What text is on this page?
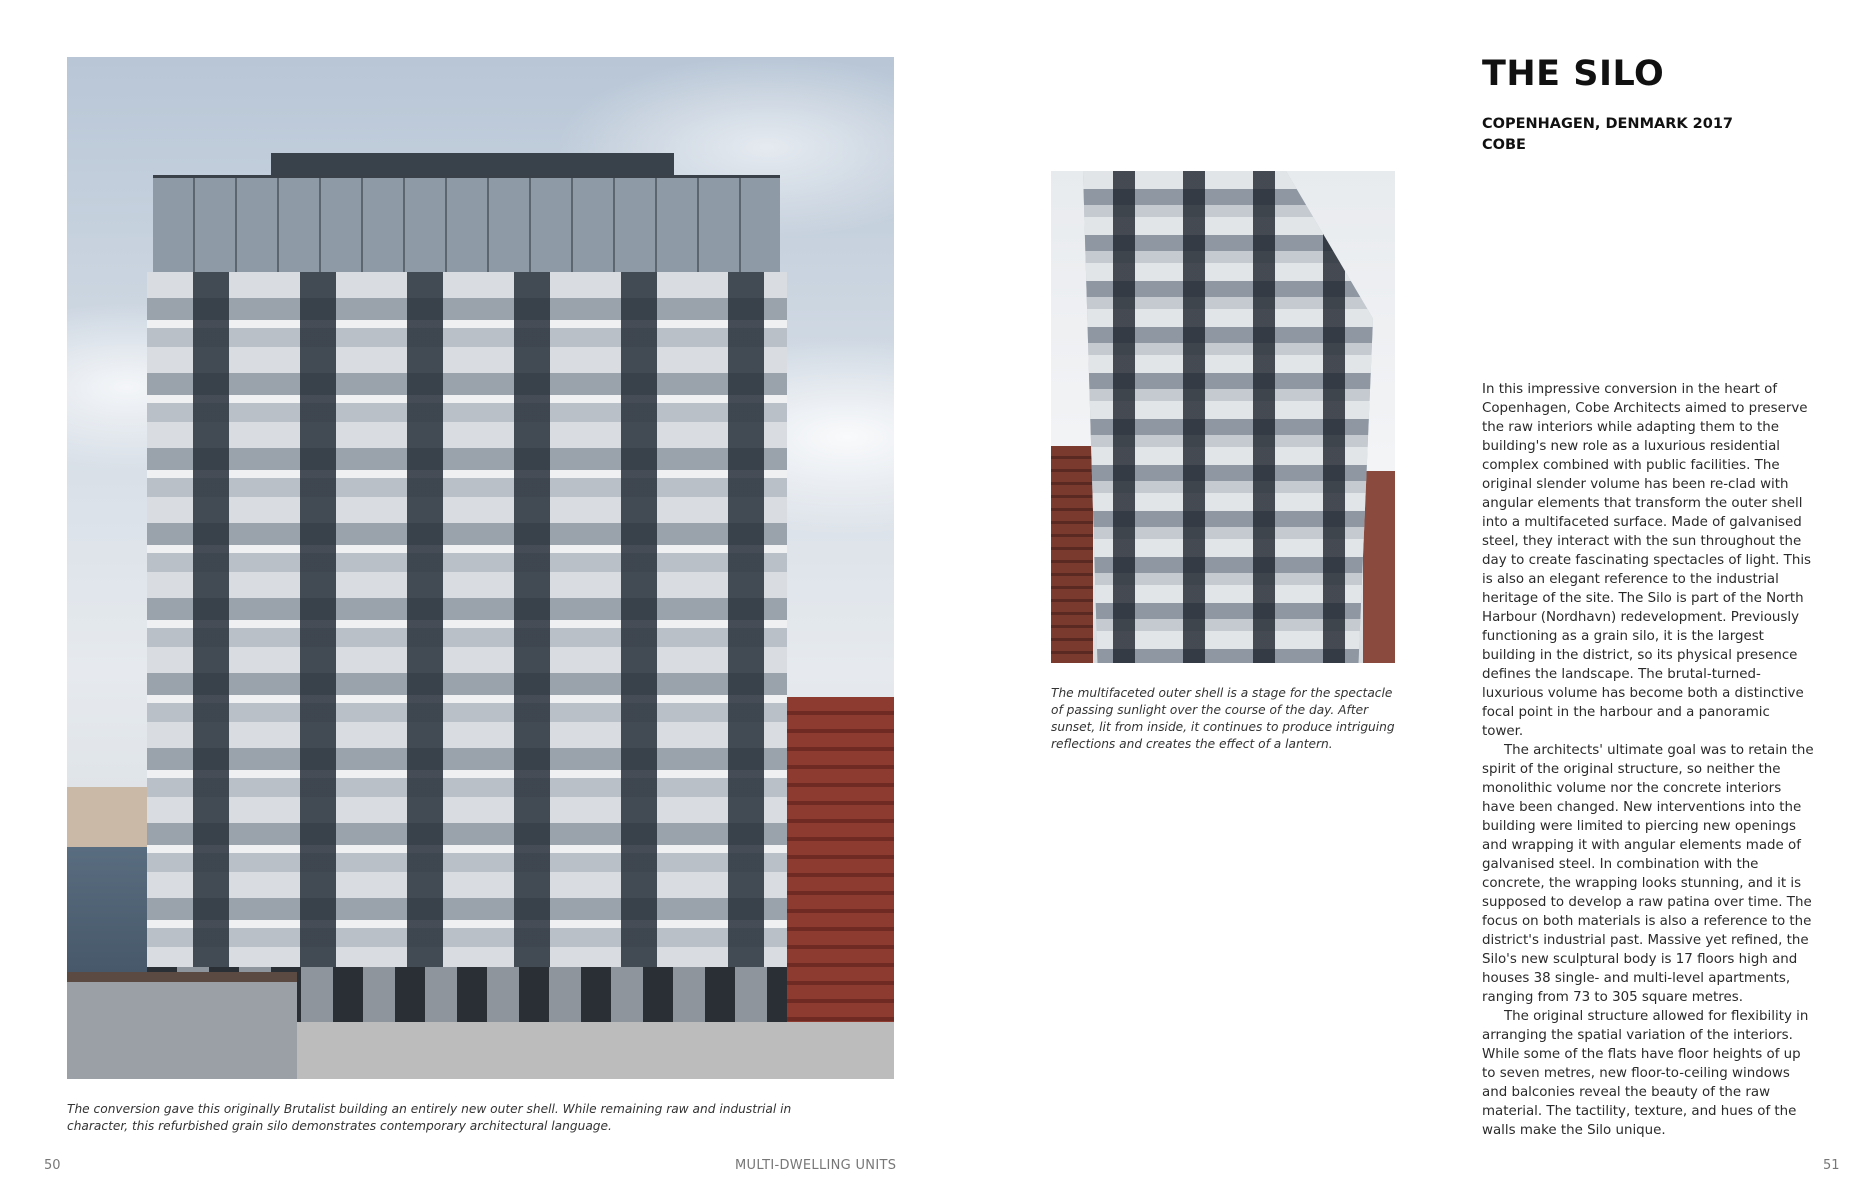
The conversion gave this originally Brutalist building an entirely new outer shell. While remaining raw and industrial in character, this refurbished grain silo demonstrates contemporary architectural language.
The multifaceted outer shell is a stage for the spectacle of passing sunlight over the course of the day. After sunset, lit from inside, it continues to produce intriguing reflections and creates the effect of a lantern.
THE SILO
COPENHAGEN, DENMARK 2017
COBE

In this impressive conversion in the heart of Copenhagen, Cobe Architects aimed to preserve the raw interiors while adapting them to the building's new role as a luxurious residential complex combined with public facilities. The original slender volume has been re-clad with angular elements that transform the outer shell into a multifaceted surface. Made of galvanised steel, they interact with the sun throughout the day to create fascinating spectacles of light. This is also an elegant reference to the industrial heritage of the site. The Silo is part of the North Harbour (Nordhavn) redevelopment. Previously functioning as a grain silo, it is the largest building in the district, so its physical presence defines the landscape. The brutal-turned-luxurious volume has become both a distinctive focal point in the harbour and a panoramic tower.

The architects' ultimate goal was to retain the spirit of the original structure, so neither the monolithic volume nor the concrete interiors have been changed. New interventions into the building were limited to piercing new openings and wrapping it with angular elements made of galvanised steel. In combination with the concrete, the wrapping looks stunning, and it is supposed to develop a raw patina over time. The focus on both materials is also a reference to the district's industrial past. Massive yet refined, the Silo's new sculptural body is 17 floors high and houses 38 single- and multi-level apartments, ranging from 73 to 305 square metres.

The original structure allowed for flexibility in arranging the spatial variation of the interiors. While some of the flats have floor heights of up to seven metres, new floor-to-ceiling windows and balconies reveal the beauty of the raw material. The tactility, texture, and hues of the walls make the Silo unique.

50	MULTI-DWELLING UNITS	51
